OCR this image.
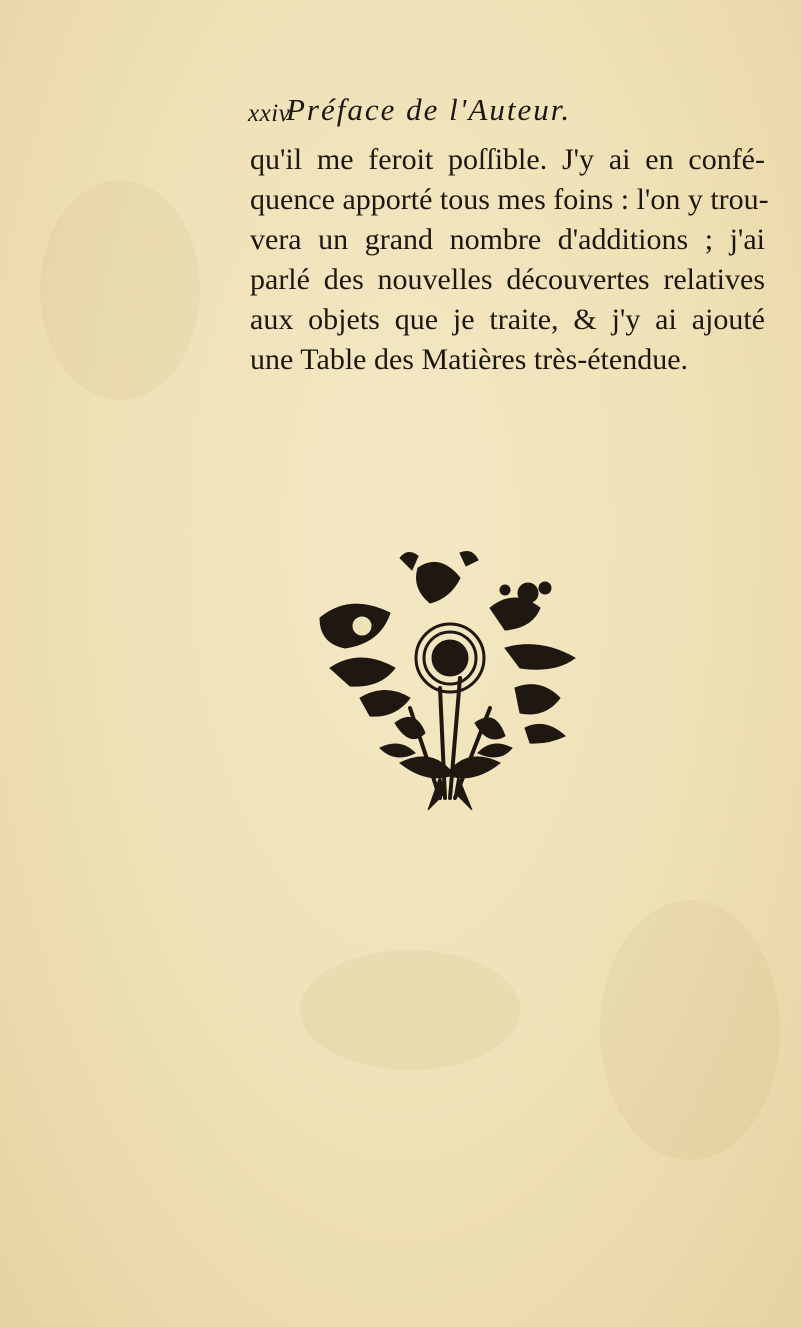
xxiv
Préface de l'Auteur.

qu'il me feroit poſſible. J'y ai en confé-
quence apporté tous mes foins : l'on y trou-
vera un grand nombre d'additions ; j'ai
parlé des nouvelles découvertes relatives
aux objets que je traite, & j'y ai ajouté
une Table des Matières très-étendue.
